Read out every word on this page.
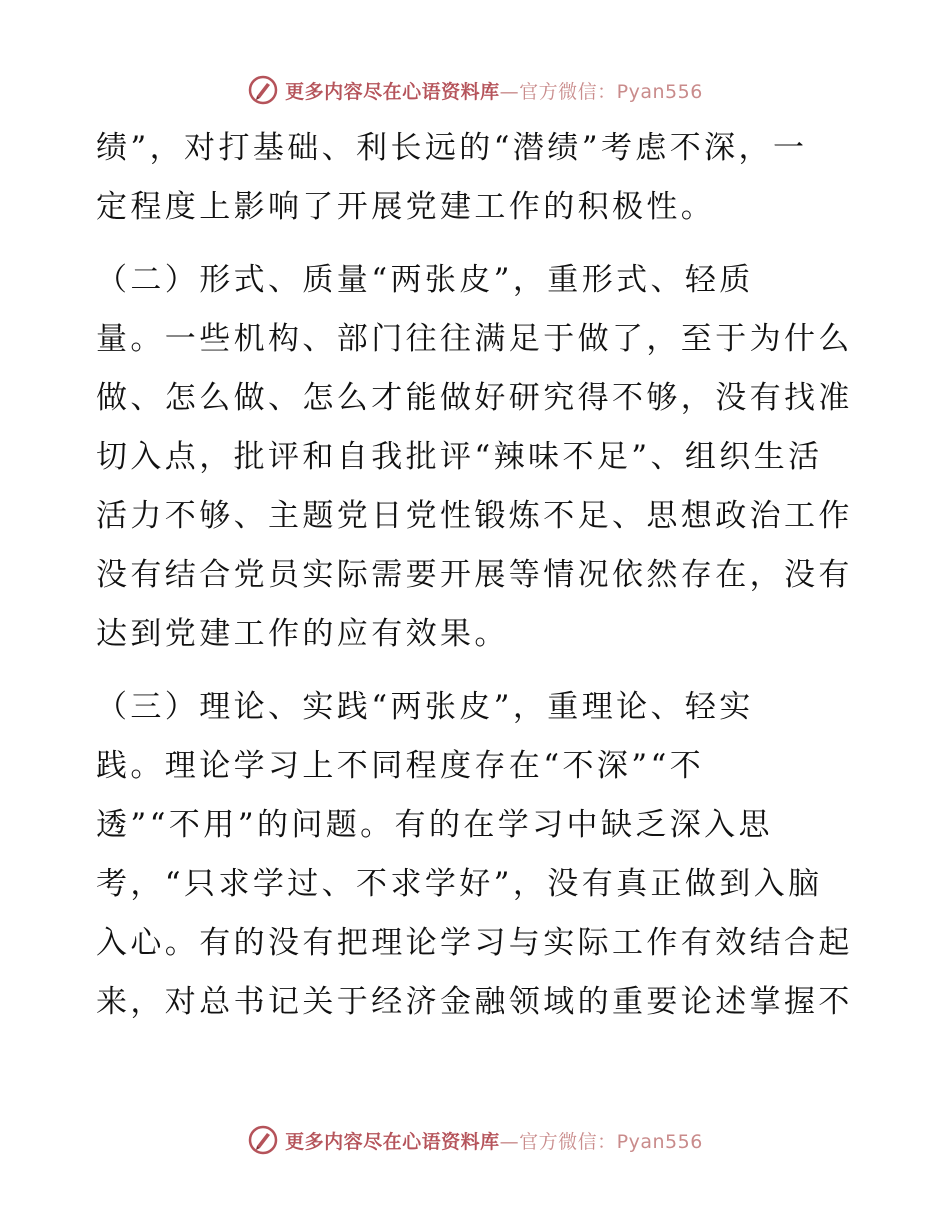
更多内容尽在心语资料库—官方微信：Pyan556
绩”，对打基础、利长远的“潜绩”考虑不深，一
定程度上影响了开展党建工作的积极性。
（二）形式、质量“两张皮”，重形式、轻质
量。一些机构、部门往往满足于做了，至于为什么
做、怎么做、怎么才能做好研究得不够，没有找准
切入点，批评和自我批评“辣味不足”、组织生活
活力不够、主题党日党性锻炼不足、思想政治工作
没有结合党员实际需要开展等情况依然存在，没有
达到党建工作的应有效果。
（三）理论、实践“两张皮”，重理论、轻实
践。理论学习上不同程度存在“不深”“不
透”“不用”的问题。有的在学习中缺乏深入思
考，“只求学过、不求学好”，没有真正做到入脑
入心。有的没有把理论学习与实际工作有效结合起
来，对总书记关于经济金融领域的重要论述掌握不
更多内容尽在心语资料库—官方微信：Pyan556
